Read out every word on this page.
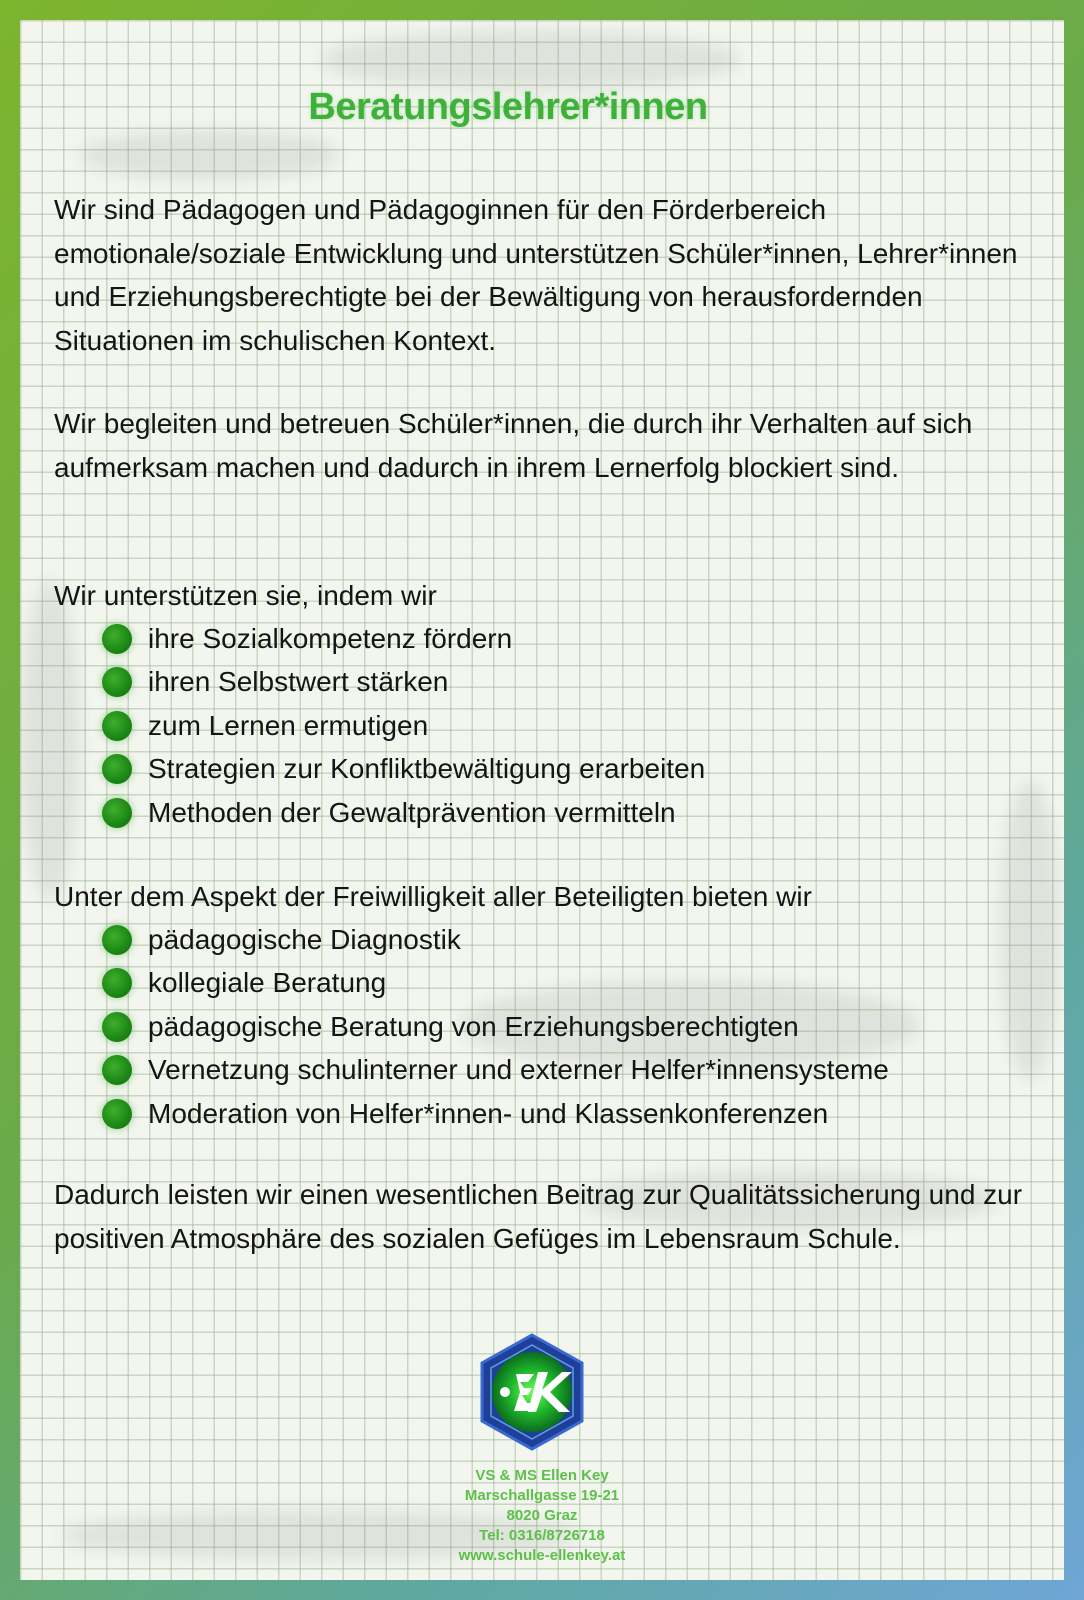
Beratungslehrer*innen

Wir sind Pädagogen und Pädagoginnen für den Förderbereich emotionale/soziale Entwicklung und unterstützen Schüler*innen, Lehrer*innen und Erziehungsberechtigte bei der Bewältigung von herausfordernden Situationen im schulischen Kontext.

Wir begleiten und betreuen Schüler*innen, die durch ihr Verhalten auf sich aufmerksam machen und dadurch in ihrem Lernerfolg blockiert sind.

Wir unterstützen sie, indem wir

ihre Sozialkompetenz fördern
ihren Selbstwert stärken
zum Lernen ermutigen
Strategien zur Konfliktbewältigung erarbeiten
Methoden der Gewaltprävention vermitteln

Unter dem Aspekt der Freiwilligkeit aller Beteiligten bieten wir

pädagogische Diagnostik
kollegiale Beratung
pädagogische Beratung von Erziehungsberechtigten
Vernetzung schulinterner und externer Helfer*innensysteme
Moderation von Helfer*innen- und Klassenkonferenzen

Dadurch leisten wir einen wesentlichen Beitrag zur Qualitätssicherung und zur positiven Atmosphäre des sozialen Gefüges im Lebensraum Schule.

VS & MS Ellen Key
Marschallgasse 19-21
8020 Graz
Tel: 0316/8726718
www.schule-ellenkey.at
